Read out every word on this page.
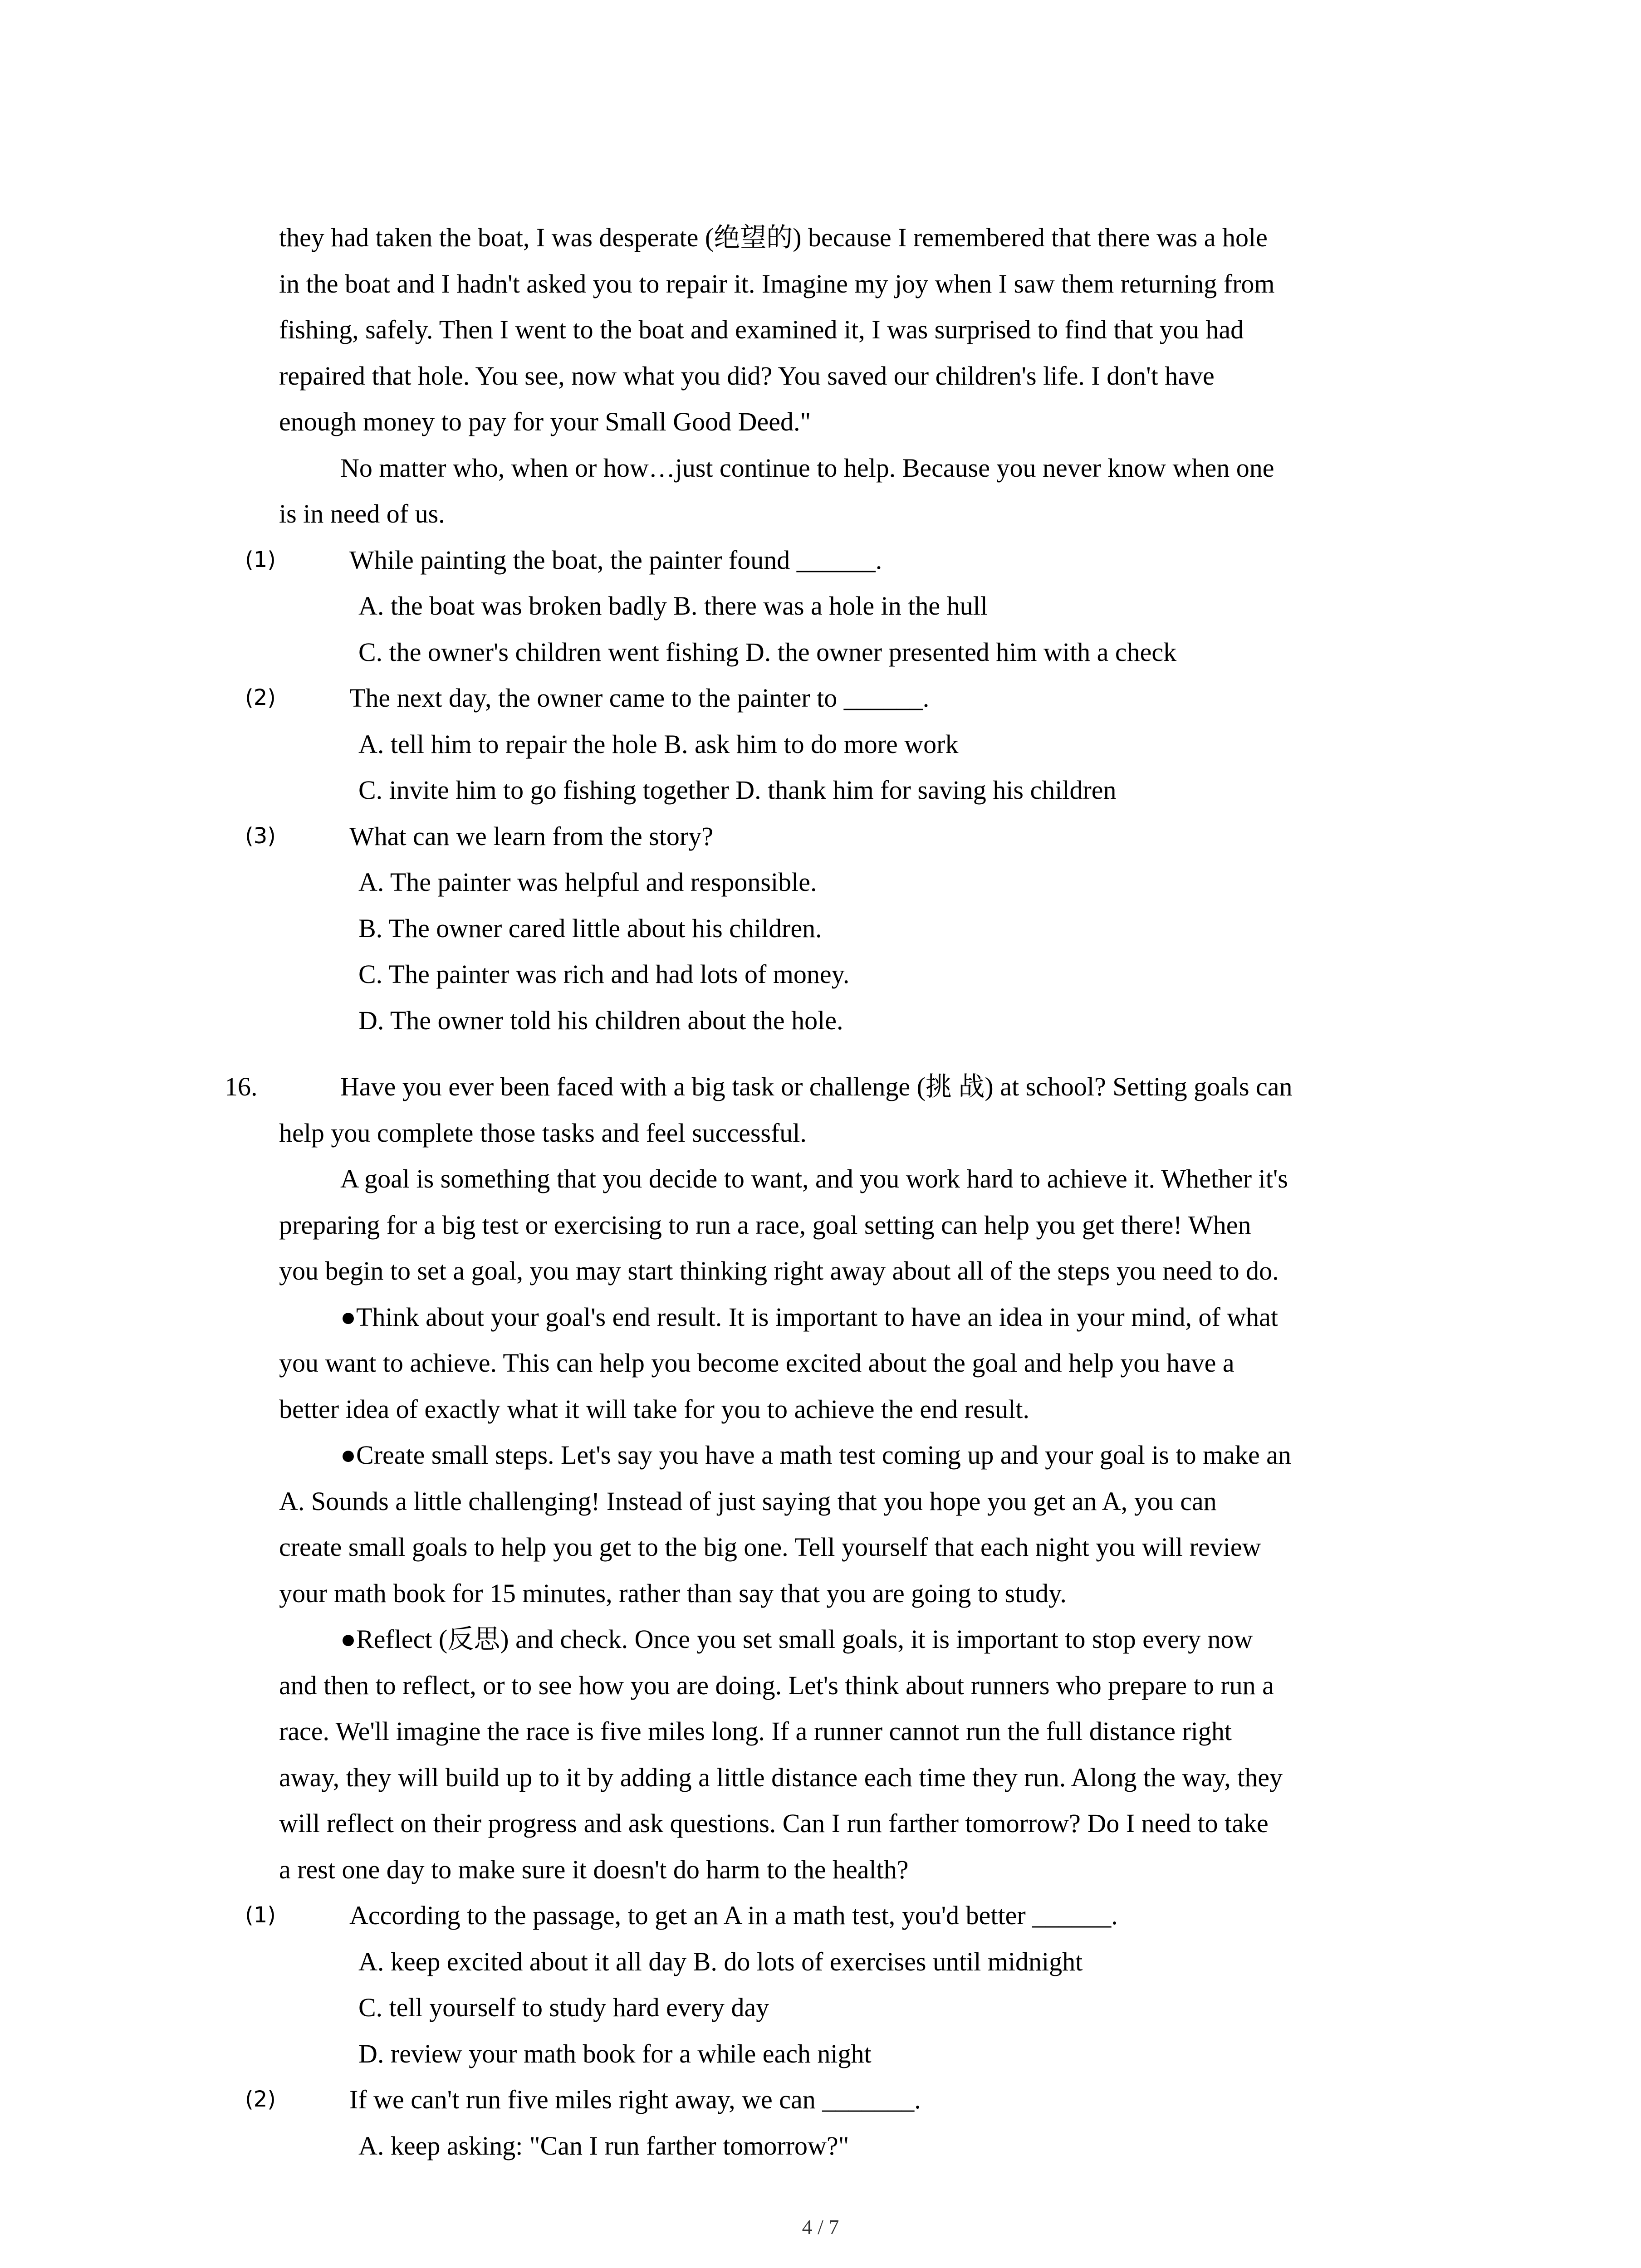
they had taken the boat, I was desperate (绝望的) because I remembered that there was a hole
in the boat and I hadn't asked you to repair it. Imagine my joy when I saw them returning from
fishing, safely. Then I went to the boat and examined it, I was surprised to find that you had
repaired that hole. You see, now what you did? You saved our children's life. I don't have
enough money to pay for your Small Good Deed."
No matter who, when or how…just continue to help. Because you never know when one
is in need of us.
(1)	While painting the boat, the painter found ______.
A. the boat was broken badly B. there was a hole in the hull
C. the owner's children went fishing D. the owner presented him with a check
(2)	The next day, the owner came to the painter to ______.
A. tell him to repair the hole B. ask him to do more work
C. invite him to go fishing together D. thank him for saving his children
(3)	What can we learn from the story?
A. The painter was helpful and responsible.
B. The owner cared little about his children.
C. The painter was rich and had lots of money.
D. The owner told his children about the hole.
16.	Have you ever been faced with a big task or challenge (挑 战) at school? Setting goals can
help you complete those tasks and feel successful.
A goal is something that you decide to want, and you work hard to achieve it. Whether it's
preparing for a big test or exercising to run a race, goal setting can help you get there! When
you begin to set a goal, you may start thinking right away about all of the steps you need to do.
●Think about your goal's end result. It is important to have an idea in your mind, of what
you want to achieve. This can help you become excited about the goal and help you have a
better idea of exactly what it will take for you to achieve the end result.
●Create small steps. Let's say you have a math test coming up and your goal is to make an
A. Sounds a little challenging! Instead of just saying that you hope you get an A, you can
create small goals to help you get to the big one. Tell yourself that each night you will review
your math book for 15 minutes, rather than say that you are going to study.
●Reflect (反思) and check. Once you set small goals, it is important to stop every now
and then to reflect, or to see how you are doing. Let's think about runners who prepare to run a
race. We'll imagine the race is five miles long. If a runner cannot run the full distance right
away, they will build up to it by adding a little distance each time they run. Along the way, they
will reflect on their progress and ask questions. Can I run farther tomorrow? Do I need to take
a rest one day to make sure it doesn't do harm to the health?
(1)	According to the passage, to get an A in a math test, you'd better ______.
A. keep excited about it all day B. do lots of exercises until midnight
C. tell yourself to study hard every day
D. review your math book for a while each night
(2)	If we can't run five miles right away, we can _______.
A. keep asking: "Can I run farther tomorrow?"
4 / 7
